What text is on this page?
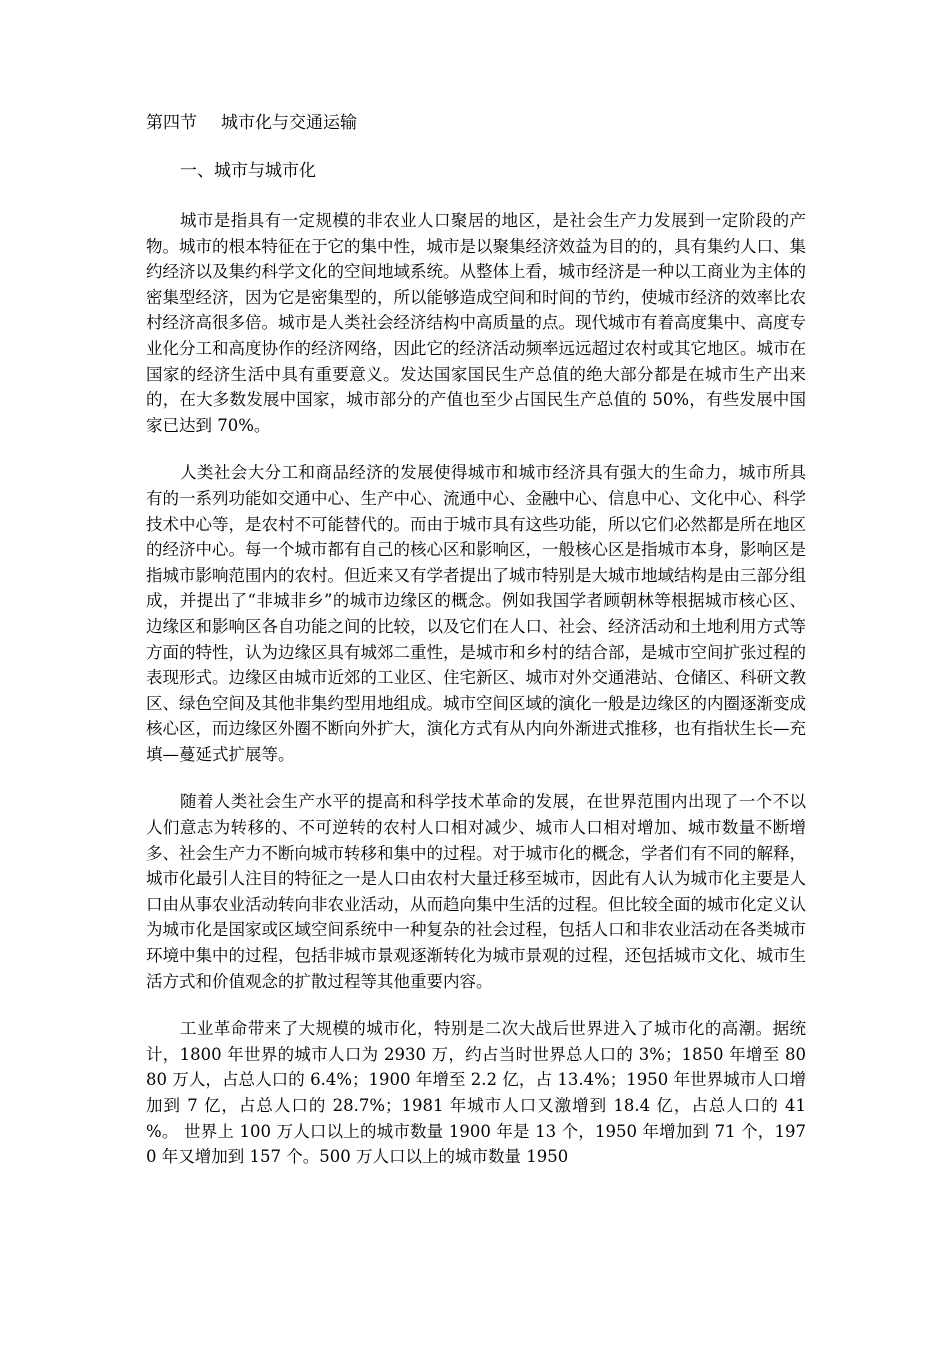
第四节 城市化与交通运输
一、城市与城市化

城市是指具有一定规模的非农业人口聚居的地区，是社会生产力发展到一定阶段的产物。城市的根本特征在于它的集中性，城市是以聚集经济效益为目的的，具有集约人口、集约经济以及集约科学文化的空间地域系统。从整体上看，城市经济是一种以工商业为主体的密集型经济，因为它是密集型的，所以能够造成空间和时间的节约，使城市经济的效率比农村经济高很多倍。城市是人类社会经济结构中高质量的点。现代城市有着高度集中、高度专业化分工和高度协作的经济网络，因此它的经济活动频率远远超过农村或其它地区。城市在国家的经济生活中具有重要意义。发达国家国民生产总值的绝大部分都是在城市生产出来的，在大多数发展中国家，城市部分的产值也至少占国民生产总值的 50%，有些发展中国家已达到 70%。

人类社会大分工和商品经济的发展使得城市和城市经济具有强大的生命力，城市所具有的一系列功能如交通中心、生产中心、流通中心、金融中心、信息中心、文化中心、科学技术中心等，是农村不可能替代的。而由于城市具有这些功能，所以它们必然都是所在地区的经济中心。每一个城市都有自己的核心区和影响区，一般核心区是指城市本身，影响区是指城市影响范围内的农村。但近来又有学者提出了城市特别是大城市地域结构是由三部分组成，并提出了“非城非乡”的城市边缘区的概念。例如我国学者顾朝林等根据城市核心区、边缘区和影响区各自功能之间的比较，以及它们在人口、社会、经济活动和土地利用方式等方面的特性，认为边缘区具有城郊二重性，是城市和乡村的结合部，是城市空间扩张过程的表现形式。边缘区由城市近郊的工业区、住宅新区、城市对外交通港站、仓储区、科研文教区、绿色空间及其他非集约型用地组成。城市空间区域的演化一般是边缘区的内圈逐渐变成核心区，而边缘区外圈不断向外扩大，演化方式有从内向外渐进式推移，也有指状生长—充填—蔓延式扩展等。

随着人类社会生产水平的提高和科学技术革命的发展，在世界范围内出现了一个不以人们意志为转移的、不可逆转的农村人口相对减少、城市人口相对增加、城市数量不断增多、社会生产力不断向城市转移和集中的过程。对于城市化的概念，学者们有不同的解释，城市化最引人注目的特征之一是人口由农村大量迁移至城市，因此有人认为城市化主要是人口由从事农业活动转向非农业活动，从而趋向集中生活的过程。但比较全面的城市化定义认为城市化是国家或区域空间系统中一种复杂的社会过程，包括人口和非农业活动在各类城市环境中集中的过程，包括非城市景观逐渐转化为城市景观的过程，还包括城市文化、城市生活方式和价值观念的扩散过程等其他重要内容。

工业革命带来了大规模的城市化，特别是二次大战后世界进入了城市化的高潮。据统计，1800 年世界的城市人口为 2930 万，约占当时世界总人口的 3%；1850 年增至 8080 万人，占总人口的 6.4%；1900 年增至 2.2 亿，占 13.4%；1950 年世界城市人口增加到 7 亿，占总人口的 28.7%；1981 年城市人口又激增到 18.4 亿，占总人口的 41 %。 世界上 100 万人口以上的城市数量 1900 年是 13 个，1950 年增加到 71 个，1970 年又增加到 157 个。500 万人口以上的城市数量 1950
